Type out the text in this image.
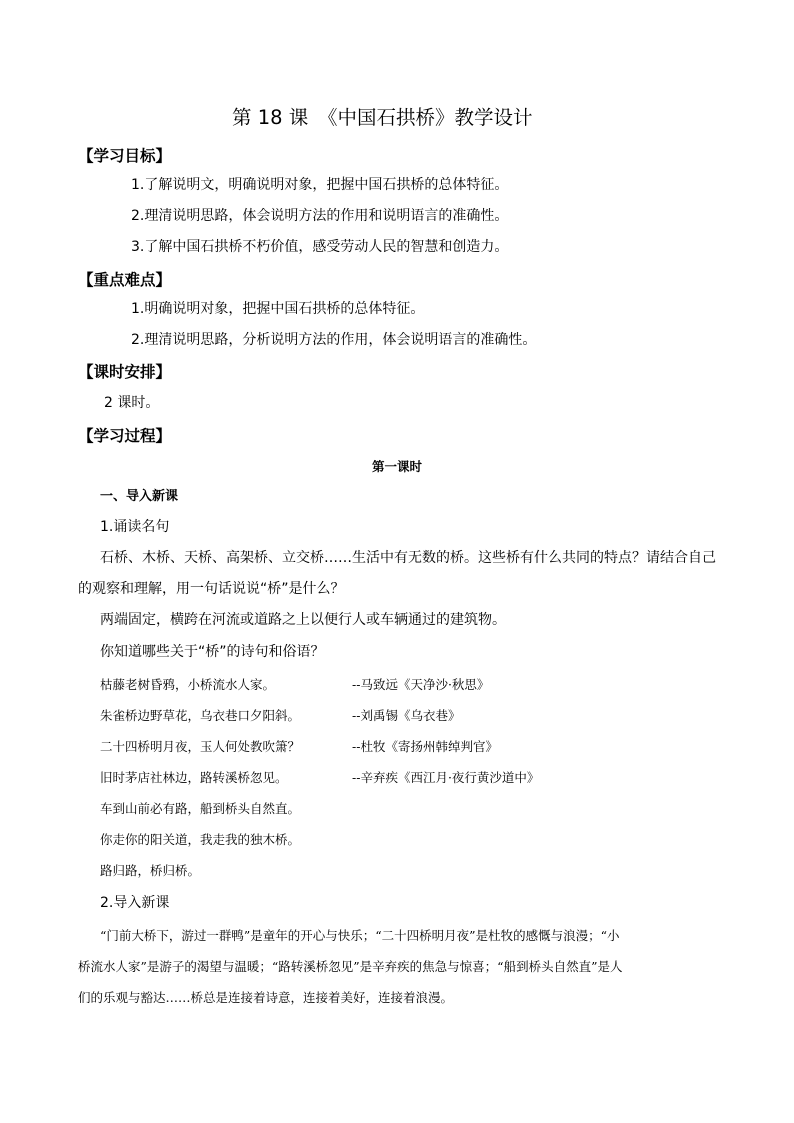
第 18 课　《中国石拱桥》教学设计
【学习目标】
1.了解说明文，明确说明对象，把握中国石拱桥的总体特征。
2.理清说明思路，体会说明方法的作用和说明语言的准确性。
3.了解中国石拱桥不朽价值，感受劳动人民的智慧和创造力。
【重点难点】
1.明确说明对象，把握中国石拱桥的总体特征。
2.理清说明思路，分析说明方法的作用，体会说明语言的准确性。
【课时安排】
2 课时。
【学习过程】
第一课时
一、导入新课
1.诵读名句
石桥、木桥、天桥、高架桥、立交桥……生活中有无数的桥。这些桥有什么共同的特点？请结合自己
的观察和理解，用一句话说说“桥”是什么？
两端固定，横跨在河流或道路之上以便行人或车辆通过的建筑物。
你知道哪些关于“桥”的诗句和俗语？
枯藤老树昏鸦，小桥流水人家。	--马致远《天净沙·秋思》
朱雀桥边野草花，乌衣巷口夕阳斜。	--刘禹锡《乌衣巷》
二十四桥明月夜，玉人何处教吹箫？	--杜牧《寄扬州韩绰判官》
旧时茅店社林边，路转溪桥忽见。	--辛弃疾《西江月·夜行黄沙道中》
车到山前必有路，船到桥头自然直。
你走你的阳关道，我走我的独木桥。
路归路，桥归桥。
2.导入新课
“门前大桥下，游过一群鸭”是童年的开心与快乐；“二十四桥明月夜”是杜牧的感慨与浪漫；“小
桥流水人家”是游子的渴望与温暖；“路转溪桥忽见”是辛弃疾的焦急与惊喜；“船到桥头自然直”是人
们的乐观与豁达……桥总是连接着诗意，连接着美好，连接着浪漫。
